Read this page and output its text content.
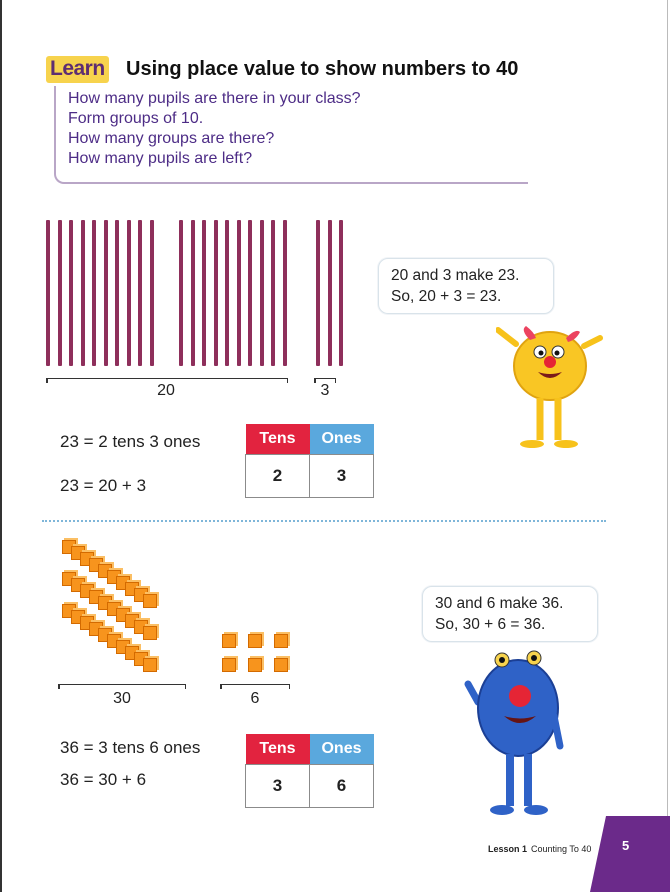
Learn Using place value to show numbers to 40
How many pupils are there in your class?
Form groups of 10.
How many groups are there?
How many pupils are left?
20	3
20 and 3 make 23.
So, 20 + 3 = 23.
23 = 2 tens 3 ones
23 = 20 + 3
Tens	Ones
2	3
30	6
30 and 6 make 36.
So, 30 + 6 = 36.
36 = 3 tens 6 ones
36 = 30 + 6
Tens	Ones
3	6
Lesson 1 Counting To 40 5
